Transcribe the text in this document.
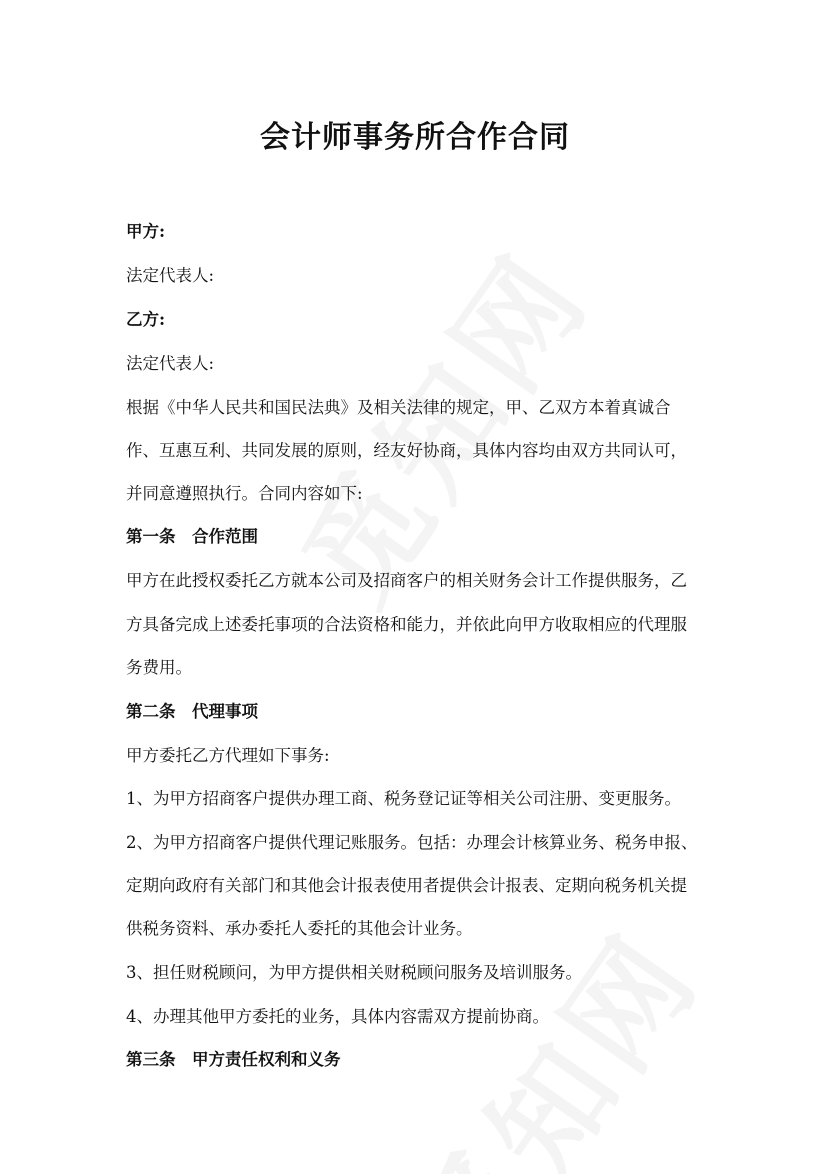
会计师事务所合作合同
甲方:
法定代表人:
乙方:
法定代表人:
根据《中华人民共和国民法典》及相关法律的规定，甲、乙双方本着真诚合
作、互惠互利、共同发展的原则，经友好协商，具体内容均由双方共同认可，
并同意遵照执行。合同内容如下:
第一条　合作范围
甲方在此授权委托乙方就本公司及招商客户的相关财务会计工作提供服务，乙
方具备完成上述委托事项的合法资格和能力，并依此向甲方收取相应的代理服
务费用。
第二条　代理事项
甲方委托乙方代理如下事务:
1、为甲方招商客户提供办理工商、税务登记证等相关公司注册、变更服务。
2、为甲方招商客户提供代理记账服务。包括：办理会计核算业务、税务申报、
定期向政府有关部门和其他会计报表使用者提供会计报表、定期向税务机关提
供税务资料、承办委托人委托的其他会计业务。
3、担任财税顾问，为甲方提供相关财税顾问服务及培训服务。
4、办理其他甲方委托的业务，具体内容需双方提前协商。
第三条　甲方责任权利和义务
